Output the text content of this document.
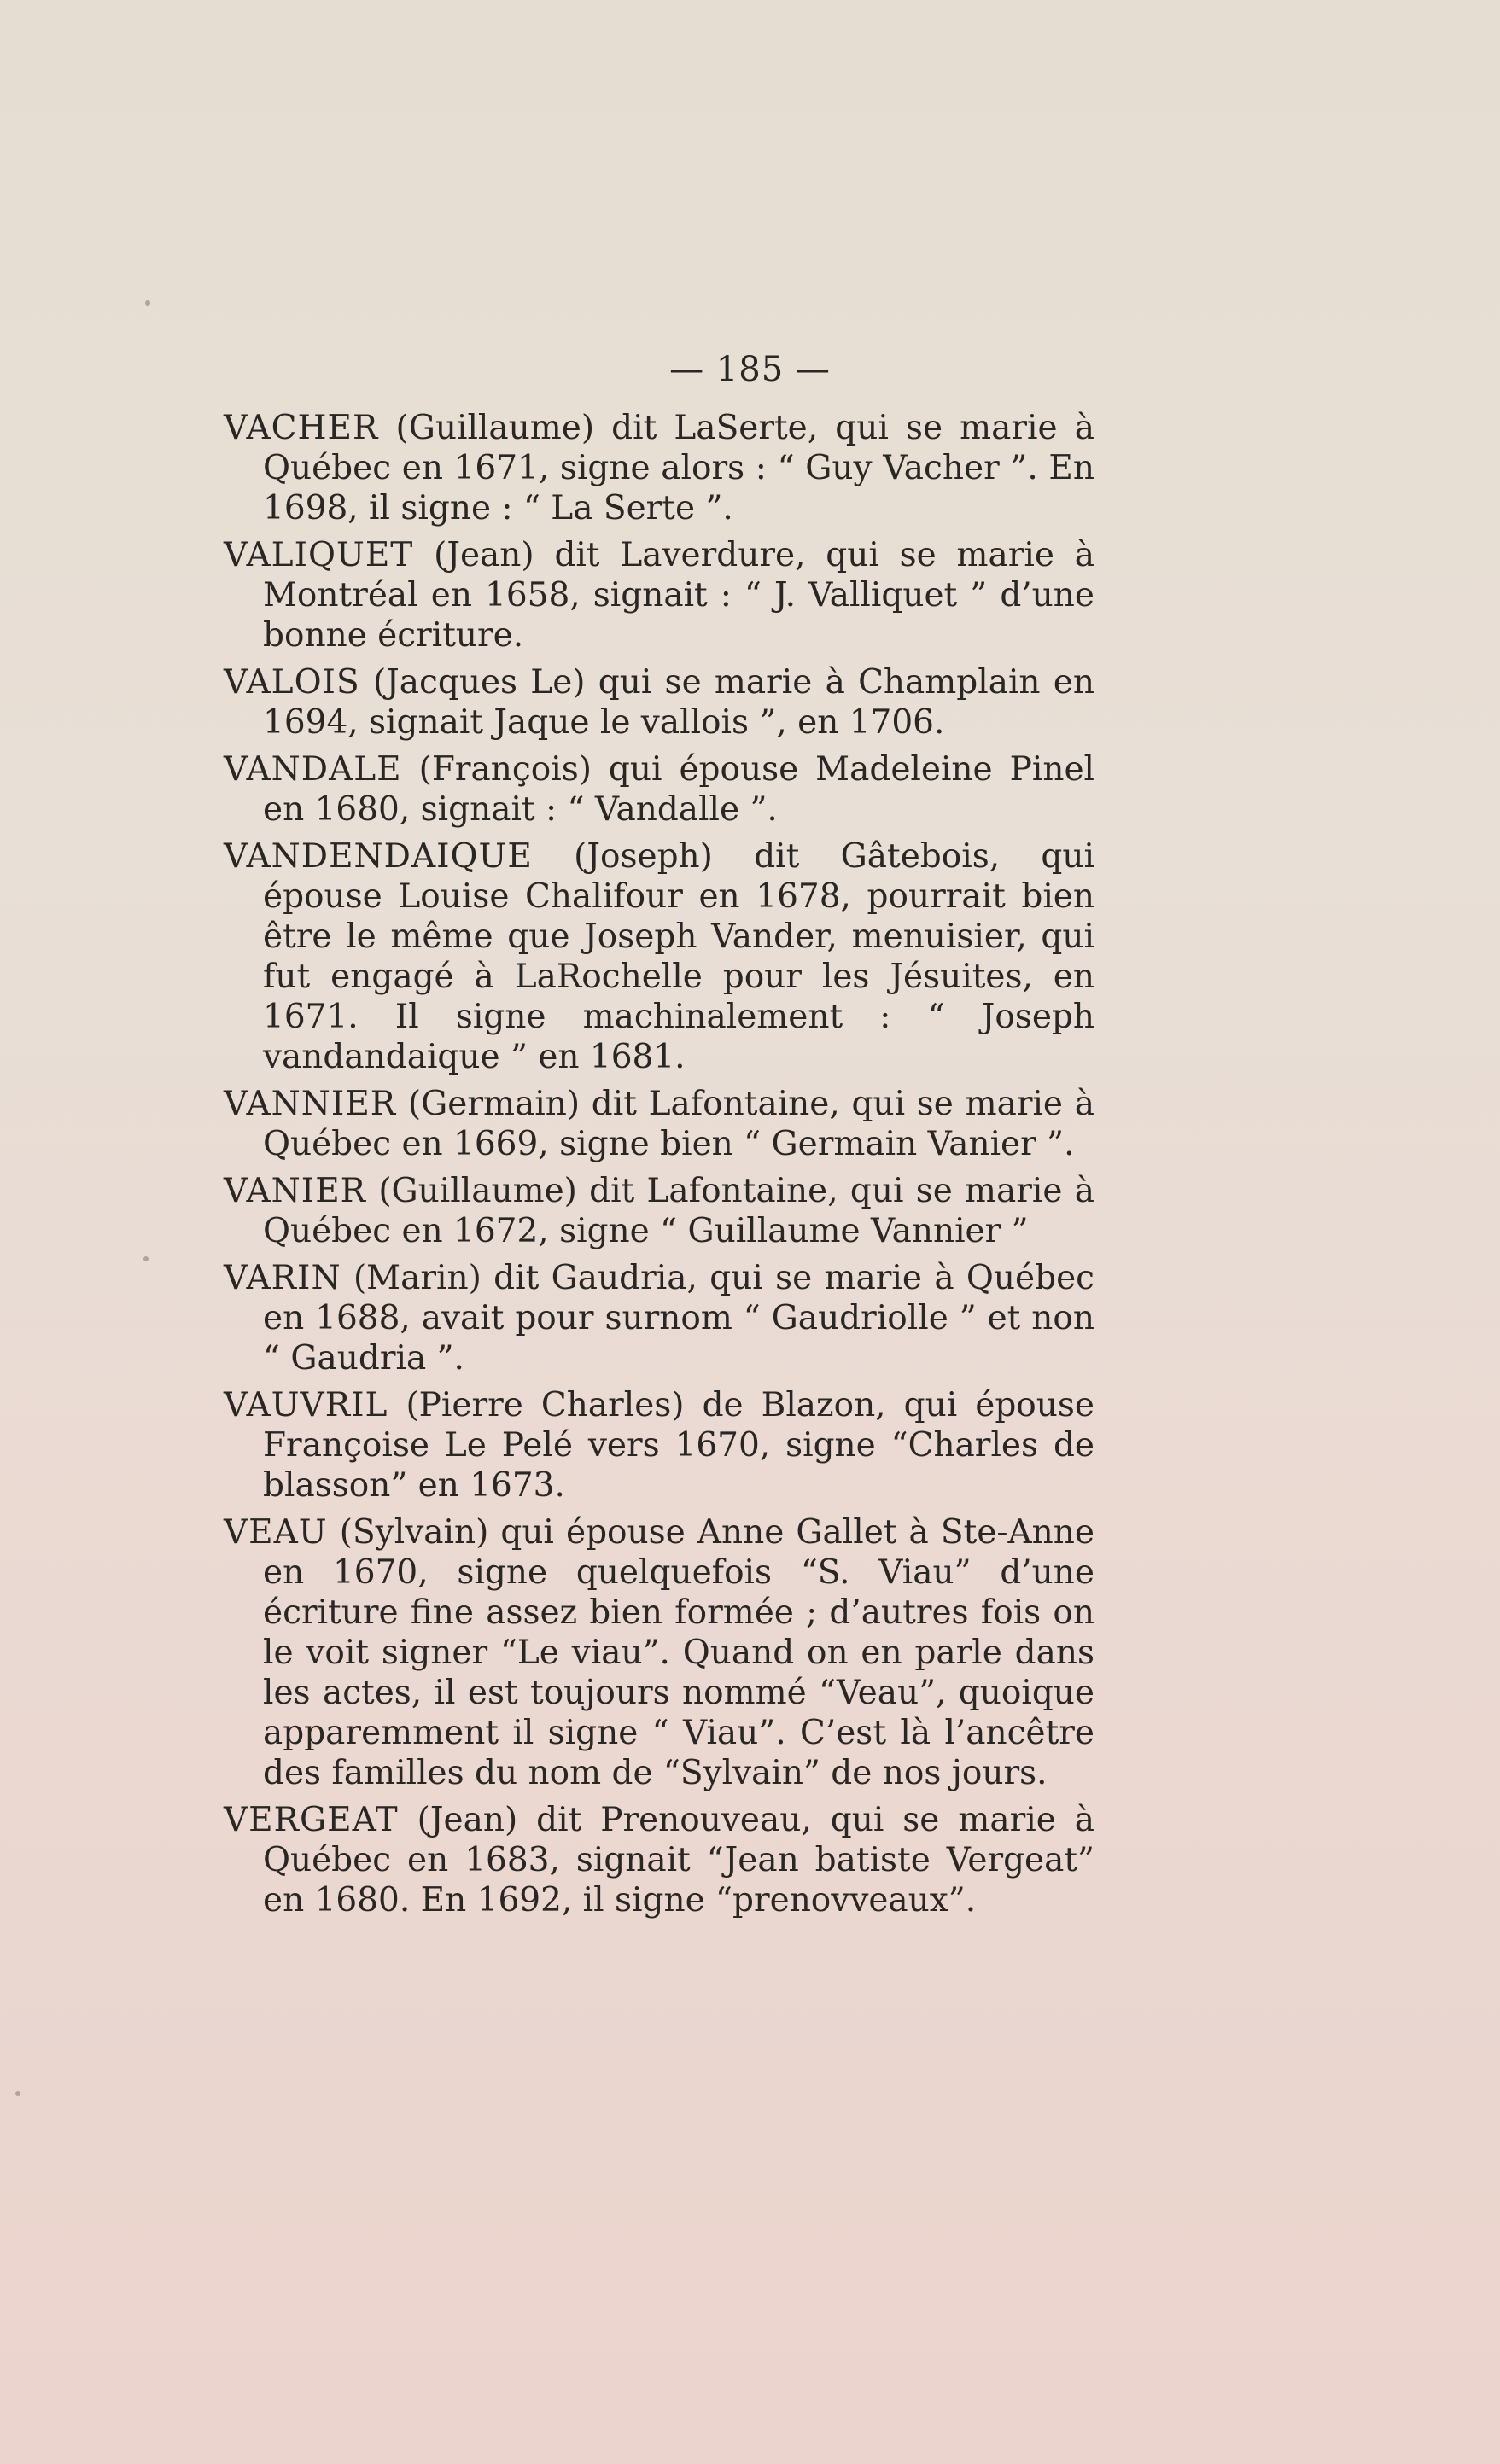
— 185 —

VACHER (Guillaume) dit LaSerte, qui se marie à Québec en 1671, signe alors : “ Guy Vacher ”. En 1698, il signe : “ La Serte ”.

VALIQUET (Jean) dit Laverdure, qui se marie à Montréal en 1658, signait : “ J. Valliquet ” d’une bonne écriture.

VALOIS (Jacques Le) qui se marie à Champlain en 1694, signait Jaque le vallois ”, en 1706.

VANDALE (François) qui épouse Madeleine Pinel en 1680, signait : “ Vandalle ”.

VANDENDAIQUE (Joseph) dit Gâtebois, qui épouse Louise Chalifour en 1678, pourrait bien être le même que Joseph Vander, menuisier, qui fut engagé à LaRochelle pour les Jésuites, en 1671. Il signe machinalement : “ Joseph vandandaique ” en 1681.

VANNIER (Germain) dit Lafontaine, qui se marie à Québec en 1669, signe bien “ Germain Vanier ”.

VANIER (Guillaume) dit Lafontaine, qui se marie à Québec en 1672, signe “ Guillaume Vannier ”

VARIN (Marin) dit Gaudria, qui se marie à Québec en 1688, avait pour surnom “ Gaudriolle ” et non “ Gaudria ”.

VAUVRIL (Pierre Charles) de Blazon, qui épouse Françoise Le Pelé vers 1670, signe “Charles de blasson” en 1673.

VEAU (Sylvain) qui épouse Anne Gallet à Ste-Anne en 1670, signe quelquefois “S. Viau” d’une écriture fine assez bien formée ; d’autres fois on le voit signer “Le viau”. Quand on en parle dans les actes, il est toujours nommé “Veau”, quoique apparemment il signe “ Viau”. C’est là l’ancêtre des familles du nom de “Sylvain” de nos jours.

VERGEAT (Jean) dit Prenouveau, qui se marie à Québec en 1683, signait “Jean batiste Vergeat” en 1680. En 1692, il signe “prenovveaux”.
